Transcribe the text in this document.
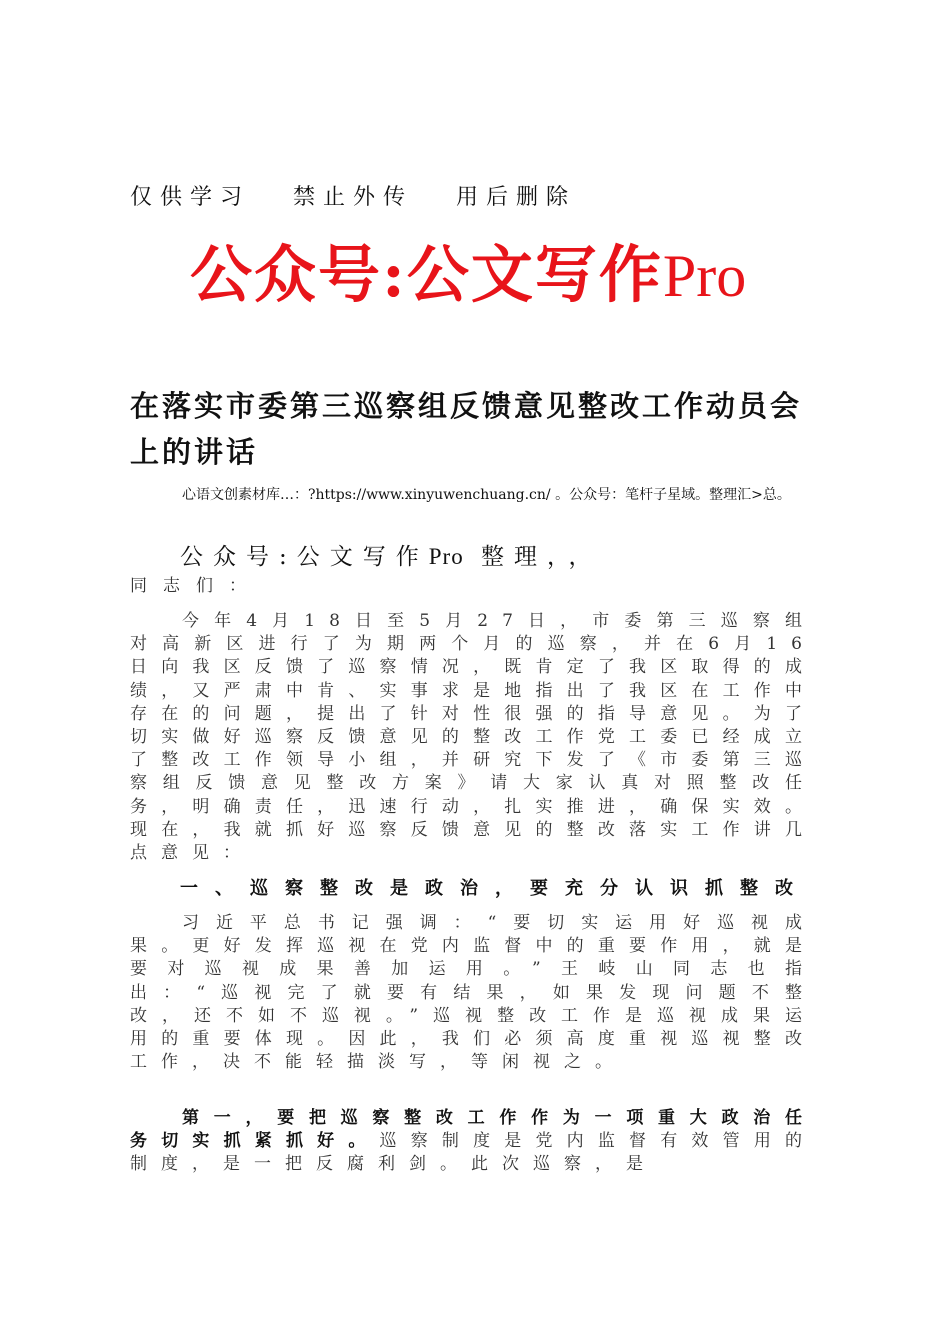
仅供学习 禁止外传 用后删除
公众号:公文写作Pro
在落实市委第三巡察组反馈意见整改工作动员会上的讲话
心语文创素材库…：?https://www.xinyuwenchuang.cn/ 。公众号：笔杆子星域。整理汇>总。
公众号:公文写作Pro 整理，，
同志们：
今年4月18日至5月27日，市委第三巡察组对高新区进行了为期两个月的巡察，并在6月16日向我区反馈了巡察情况，既肯定了我区取得的成绩，又严肃中肯、实事求是地指出了我区在工作中存在的问题，提出了针对性很强的指导意见。为了切实做好巡察反馈意见的整改工作党工委已经成立了整改工作领导小组，并研究下发了《市委第三巡察组反馈意见整改方案》请大家认真对照整改任务，明确责任，迅速行动，扎实推进，确保实效。现在，我就抓好巡察反馈意见的整改落实工作讲几点意见：
一、巡察整改是政治，要充分认识抓整改
习近平总书记强调：“要切实运用好巡视成果。更好发挥巡视在党内监督中的重要作用，就是要对巡视成果善加运用。”王岐山同志也指出：“巡视完了就要有结果，如果发现问题不整改，还不如不巡视。”巡视整改工作是巡视成果运用的重要体现。因此，我们必须高度重视巡视整改工作，决不能轻描淡写，等闲视之。
第一，要把巡察整改工作作为一项重大政治任务切实抓紧抓好。巡察制度是党内监督有效管用的制度，是一把反腐利剑。此次巡察，是
